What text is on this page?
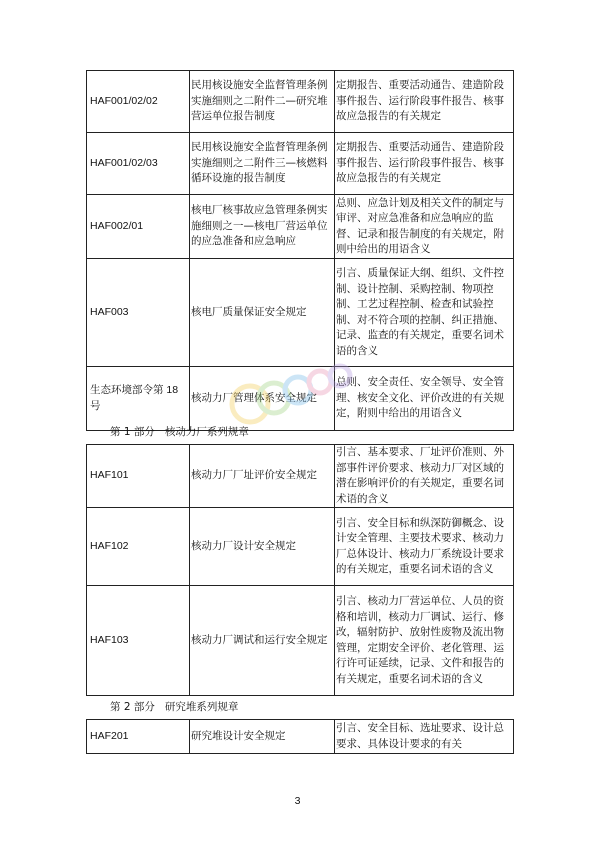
HAF001/02/02	民用核设施安全监督管理条例实施细则之二附件二—研究堆营运单位报告制度	定期报告、重要活动通告、建造阶段事件报告、运行阶段事件报告、核事故应急报告的有关规定
HAF001/02/03	民用核设施安全监督管理条例实施细则之二附件三—核燃料循环设施的报告制度	定期报告、重要活动通告、建造阶段事件报告、运行阶段事件报告、核事故应急报告的有关规定
HAF002/01	核电厂核事故应急管理条例实施细则之一—核电厂营运单位的应急准备和应急响应	总则、应急计划及相关文件的制定与审评、对应急准备和应急响应的监督、记录和报告制度的有关规定，附则中给出的用语含义
HAF003	核电厂质量保证安全规定	引言、质量保证大纲、组织、文件控制、设计控制、采购控制、物项控制、工艺过程控制、检查和试验控制、对不符合项的控制、纠正措施、记录、监查的有关规定，重要名词术语的含义
生态环境部令第 18 号	核动力厂管理体系安全规定	总则、安全责任、安全领导、安全管理、核安全文化、评价改进的有关规定，附则中给出的用语含义
第 1 部分 核动力厂系列规章
HAF101	核动力厂厂址评价安全规定	引言、基本要求、厂址评价准则、外部事件评价要求、核动力厂对区域的潜在影响评价的有关规定，重要名词术语的含义
HAF102	核动力厂设计安全规定	引言、安全目标和纵深防御概念、设计安全管理、主要技术要求、核动力厂总体设计、核动力厂系统设计要求的有关规定，重要名词术语的含义
HAF103	核动力厂调试和运行安全规定	引言、核动力厂营运单位、人员的资格和培训，核动力厂调试、运行、修改，辐射防护、放射性废物及流出物管理，定期安全评价、老化管理、运行许可证延续，记录、文件和报告的有关规定，重要名词术语的含义
第 2 部分 研究堆系列规章
HAF201	研究堆设计安全规定	引言、安全目标、选址要求、设计总要求、具体设计要求的有关
3
